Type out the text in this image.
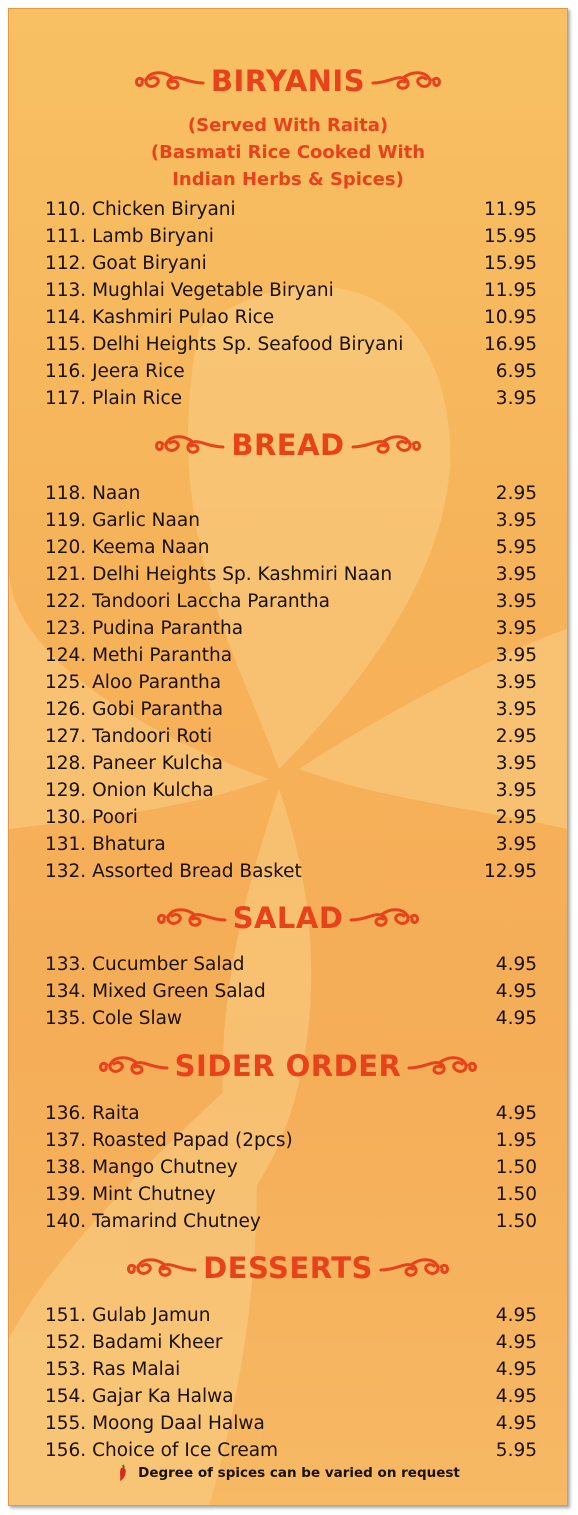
BIRYANIS
(Served With Raita)
(Basmati Rice Cooked With
Indian Herbs & Spices)
110. Chicken Biryani	11.95
111. Lamb Biryani	15.95
112. Goat Biryani	15.95
113. Mughlai Vegetable Biryani	11.95
114. Kashmiri Pulao Rice	10.95
115. Delhi Heights Sp. Seafood Biryani	16.95
116. Jeera Rice	6.95
117. Plain Rice	3.95
BREAD
118. Naan	2.95
119. Garlic Naan	3.95
120. Keema Naan	5.95
121. Delhi Heights Sp. Kashmiri Naan	3.95
122. Tandoori Laccha Parantha	3.95
123. Pudina Parantha	3.95
124. Methi Parantha	3.95
125. Aloo Parantha	3.95
126. Gobi Parantha	3.95
127. Tandoori Roti	2.95
128. Paneer Kulcha	3.95
129. Onion Kulcha	3.95
130. Poori	2.95
131. Bhatura	3.95
132. Assorted Bread Basket	12.95
SALAD
133. Cucumber Salad	4.95
134. Mixed Green Salad	4.95
135. Cole Slaw	4.95
SIDER ORDER
136. Raita	4.95
137. Roasted Papad (2pcs)	1.95
138. Mango Chutney	1.50
139. Mint Chutney	1.50
140. Tamarind Chutney	1.50
DESSERTS
151. Gulab Jamun	4.95
152. Badami Kheer	4.95
153. Ras Malai	4.95
154. Gajar Ka Halwa	4.95
155. Moong Daal Halwa	4.95
156. Choice of Ice Cream	5.95
Degree of spices can be varied on request
